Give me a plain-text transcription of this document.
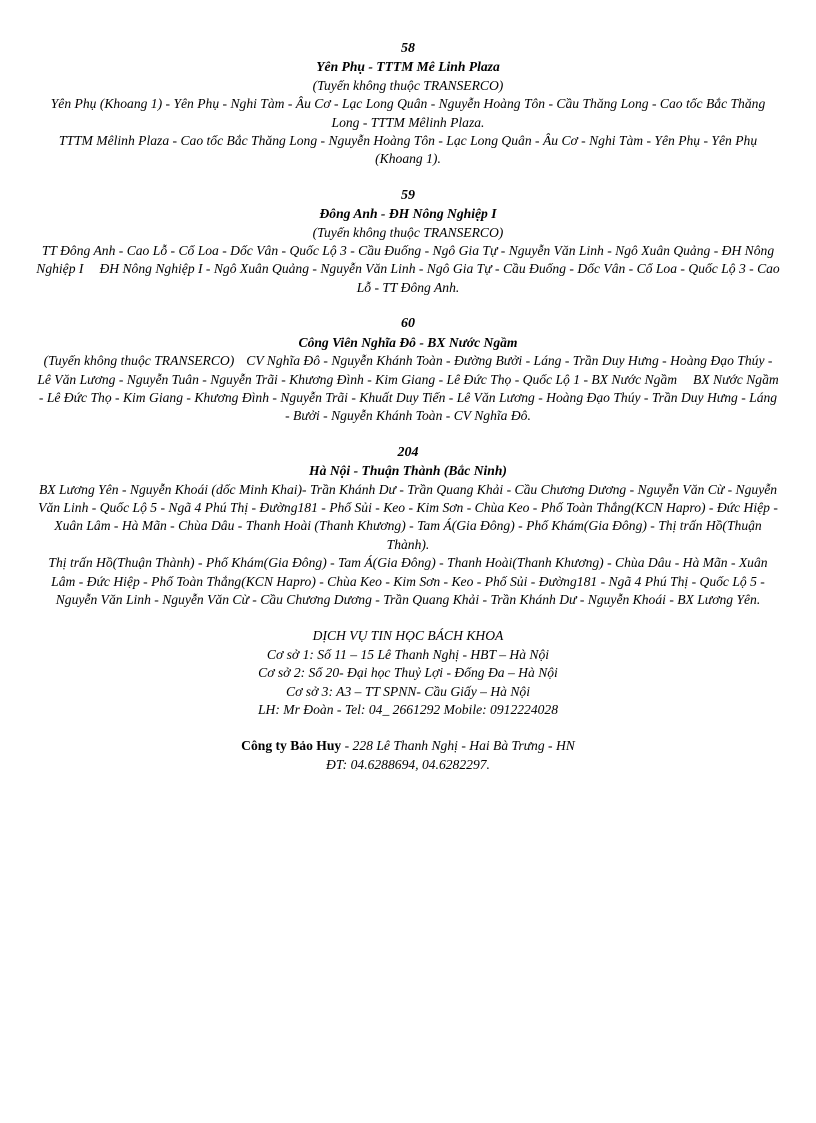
58

Yên Phụ - TTTM Mê Linh Plaza

(Tuyến không thuộc TRANSERCO)

Yên Phụ (Khoang 1) - Yên Phụ - Nghi Tàm - Âu Cơ - Lạc Long Quân - Nguyễn Hoàng Tôn - Cầu Thăng Long - Cao tốc Bắc Thăng Long - TTTM Mêlinh Plaza.

TTTM Mêlinh Plaza - Cao tốc Bắc Thăng Long - Nguyễn Hoàng Tôn - Lạc Long Quân - Âu Cơ - Nghi Tàm - Yên Phụ - Yên Phụ (Khoang 1).

59

Đông Anh - ĐH Nông Nghiệp I

(Tuyến không thuộc TRANSERCO)

TT Đông Anh - Cao Lỗ - Cổ Loa - Dốc Vân - Quốc Lộ 3 - Cầu Đuống - Ngô Gia Tự - Nguyễn Văn Linh - Ngô Xuân Quảng - ĐH Nông Nghiệp I ĐH Nông Nghiệp I - Ngô Xuân Quảng - Nguyễn Văn Linh - Ngô Gia Tự - Cầu Đuống - Dốc Vân - Cổ Loa - Quốc Lộ 3 - Cao Lỗ - TT Đông Anh.

60

Công Viên Nghĩa Đô - BX Nước Ngầm

(Tuyến không thuộc TRANSERCO) CV Nghĩa Đô - Nguyễn Khánh Toàn - Đường Bưởi - Láng - Trần Duy Hưng - Hoàng Đạo Thúy - Lê Văn Lương - Nguyễn Tuân - Nguyễn Trãi - Khương Đình - Kim Giang - Lê Đức Thọ - Quốc Lộ 1 - BX Nước Ngầm BX Nước Ngầm - Lê Đức Thọ - Kim Giang - Khương Đình - Nguyễn Trãi - Khuất Duy Tiến - Lê Văn Lương - Hoàng Đạo Thúy - Trần Duy Hưng - Láng - Bưởi - Nguyễn Khánh Toàn - CV Nghĩa Đô.

204

Hà Nội - Thuận Thành (Bắc Ninh)

BX Lương Yên - Nguyễn Khoái (dốc Minh Khai)- Trần Khánh Dư - Trần Quang Khải - Cầu Chương Dương - Nguyễn Văn Cừ - Nguyễn Văn Linh - Quốc Lộ 5 - Ngã 4 Phú Thị - Đường181 - Phố Sủi - Keo - Kim Sơn - Chùa Keo - Phố Toàn Thắng(KCN Hapro) - Đức Hiệp - Xuân Lâm - Hà Mãn - Chùa Dâu - Thanh Hoài (Thanh Khương) - Tam Á(Gia Đông) - Phố Khám(Gia Đông) - Thị trấn Hồ(Thuận Thành).

Thị trấn Hồ(Thuận Thành) - Phố Khám(Gia Đông) - Tam Á(Gia Đông) - Thanh Hoài(Thanh Khương) - Chùa Dâu - Hà Mãn - Xuân Lâm - Đức Hiệp - Phố Toàn Thắng(KCN Hapro) - Chùa Keo - Kim Sơn - Keo - Phố Sủi - Đường181 - Ngã 4 Phú Thị - Quốc Lộ 5 - Nguyễn Văn Linh - Nguyễn Văn Cừ - Cầu Chương Dương - Trần Quang Khải - Trần Khánh Dư - Nguyễn Khoái - BX Lương Yên.

DỊCH VỤ TIN HỌC BÁCH KHOA

Cơ sở 1: Số 11 – 15 Lê Thanh Nghị - HBT – Hà Nội

Cơ sở 2: Số 20- Đại học Thuỷ Lợi - Đống Đa – Hà Nội

Cơ sở 3: A3 – TT SPNN- Cầu Giấy – Hà Nội

LH: Mr Đoàn - Tel: 04_ 2661292 Mobile: 0912224028

Công ty Bảo Huy - 228 Lê Thanh Nghị - Hai Bà Trưng - HN

ĐT: 04.6288694, 04.6282297.
